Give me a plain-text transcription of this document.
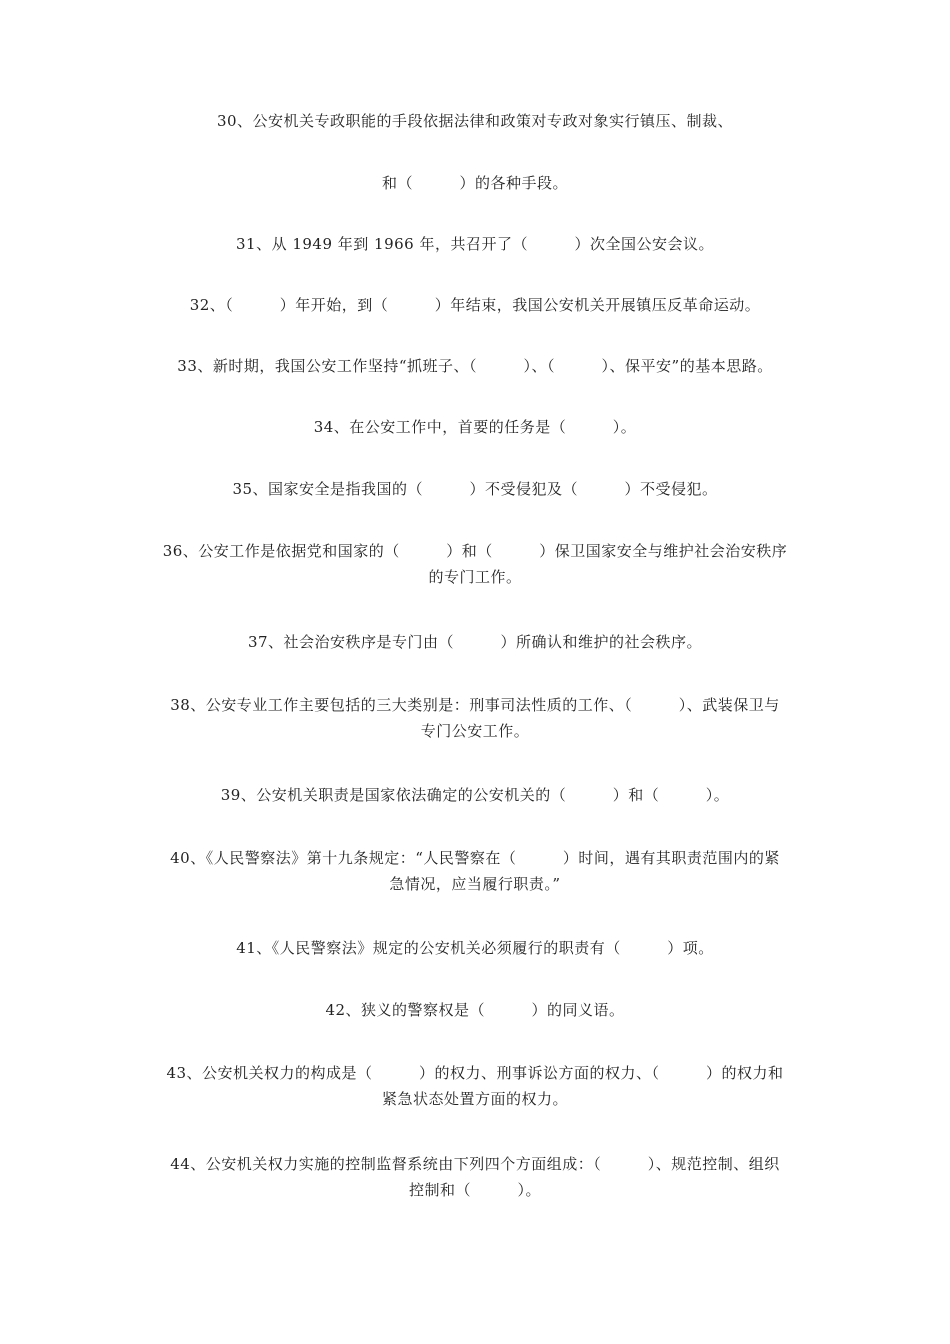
30、公安机关专政职能的手段依据法律和政策对专政对象实行镇压、制裁、
和（　　　）的各种手段。
31、从 1949 年到 1966 年，共召开了（　　　）次全国公安会议。
32、（　　　）年开始，到（　　　）年结束，我国公安机关开展镇压反革命运动。
33、新时期，我国公安工作坚持“抓班子、（　　　）、（　　　）、保平安”的基本思路。
34、在公安工作中，首要的任务是（　　　）。
35、国家安全是指我国的（　　　）不受侵犯及（　　　）不受侵犯。
36、公安工作是依据党和国家的（　　　）和（　　　）保卫国家安全与维护社会治安秩序
的专门工作。
37、社会治安秩序是专门由（　　　）所确认和维护的社会秩序。
38、公安专业工作主要包括的三大类别是：刑事司法性质的工作、（　　　）、武装保卫与
专门公安工作。
39、公安机关职责是国家依法确定的公安机关的（　　　）和（　　　）。
40、《人民警察法》第十九条规定：“人民警察在（　　　）时间，遇有其职责范围内的紧
急情况，应当履行职责。”
41、《人民警察法》规定的公安机关必须履行的职责有（　　　）项。
42、狭义的警察权是（　　　）的同义语。
43、公安机关权力的构成是（　　　）的权力、刑事诉讼方面的权力、（　　　）的权力和
紧急状态处置方面的权力。
44、公安机关权力实施的控制监督系统由下列四个方面组成：（　　　）、规范控制、组织
控制和（　　　）。
